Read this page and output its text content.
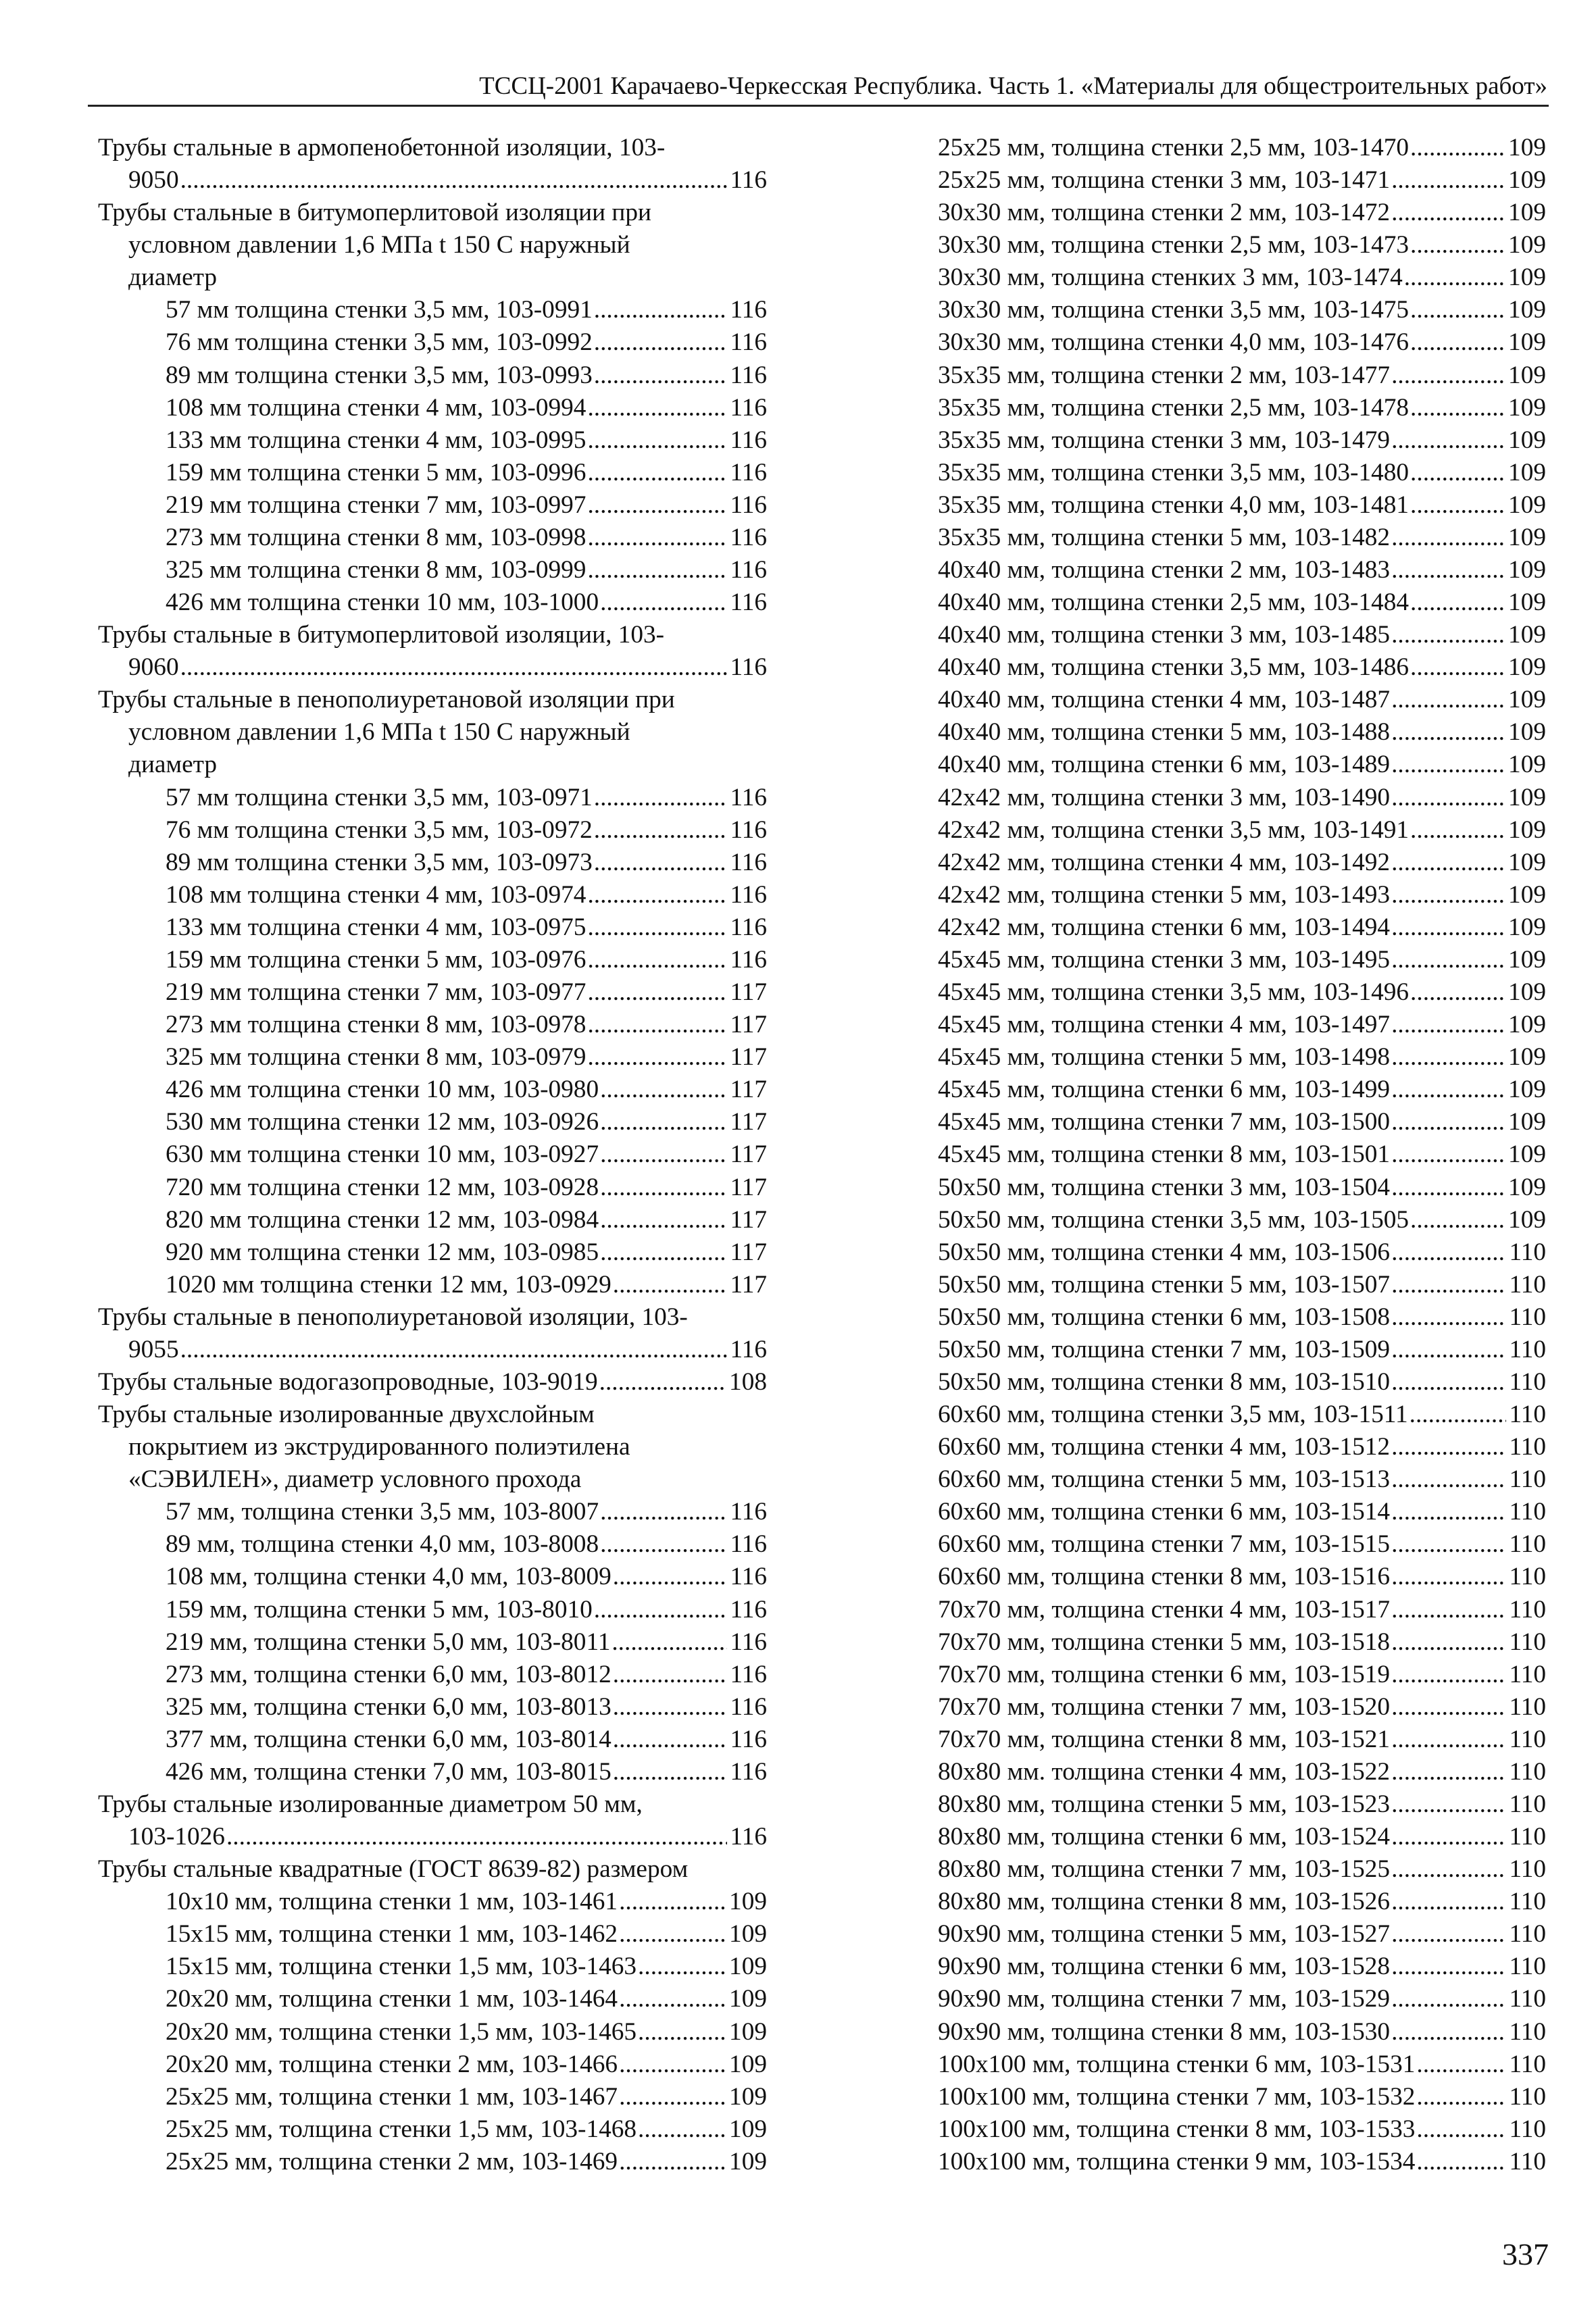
ТССЦ-2001 Карачаево-Черкесская Республика. Часть 1. «Материалы для общестроительных работ»
Трубы стальные в армопенобетонной изоляции, 103-
9050 .....	116
Трубы стальные в битумоперлитовой изоляции при
условном давлении 1,6 МПа t 150 С наружный
диаметр
57 мм толщина стенки 3,5 мм, 103-0991 .....	116
76 мм толщина стенки 3,5 мм, 103-0992 .....	116
89 мм толщина стенки 3,5 мм, 103-0993 .....	116
108 мм толщина стенки 4 мм, 103-0994 .....	116
133 мм толщина стенки 4 мм, 103-0995 .....	116
159 мм толщина стенки 5 мм, 103-0996 .....	116
219 мм толщина стенки 7 мм, 103-0997 .....	116
273 мм толщина стенки 8 мм, 103-0998 .....	116
325 мм толщина стенки 8 мм, 103-0999 .....	116
426 мм толщина стенки 10 мм, 103-1000 .....	116
Трубы стальные в битумоперлитовой изоляции, 103-
9060 .....	116
Трубы стальные в пенополиуретановой изоляции при
условном давлении 1,6 МПа t 150 С наружный
диаметр
57 мм толщина стенки 3,5 мм, 103-0971 .....	116
76 мм толщина стенки 3,5 мм, 103-0972 .....	116
89 мм толщина стенки 3,5 мм, 103-0973 .....	116
108 мм толщина стенки 4 мм, 103-0974 .....	116
133 мм толщина стенки 4 мм, 103-0975 .....	116
159 мм толщина стенки 5 мм, 103-0976 .....	116
219 мм толщина стенки 7 мм, 103-0977 .....	117
273 мм толщина стенки 8 мм, 103-0978 .....	117
325 мм толщина стенки 8 мм, 103-0979 .....	117
426 мм толщина стенки 10 мм, 103-0980 .....	117
530 мм толщина стенки 12 мм, 103-0926 .....	117
630 мм толщина стенки 10 мм, 103-0927 .....	117
720 мм толщина стенки 12 мм, 103-0928 .....	117
820 мм толщина стенки 12 мм, 103-0984 .....	117
920 мм толщина стенки 12 мм, 103-0985 .....	117
1020 мм толщина стенки 12 мм, 103-0929 .....	117
Трубы стальные в пенополиуретановой изоляции, 103-
9055 .....	116
Трубы стальные водогазопроводные, 103-9019 .....	108
Трубы стальные изолированные двухслойным
покрытием из экструдированного полиэтилена
«СЭВИЛЕН», диаметр условного прохода
57 мм, толщина стенки 3,5 мм, 103-8007 .....	116
89 мм, толщина стенки 4,0 мм, 103-8008 .....	116
108 мм, толщина стенки 4,0 мм, 103-8009 .....	116
159 мм, толщина стенки 5 мм, 103-8010 .....	116
219 мм, толщина стенки 5,0 мм, 103-8011 .....	116
273 мм, толщина стенки 6,0 мм, 103-8012 .....	116
325 мм, толщина стенки 6,0 мм, 103-8013 .....	116
377 мм, толщина стенки 6,0 мм, 103-8014 .....	116
426 мм, толщина стенки 7,0 мм, 103-8015 .....	116
Трубы стальные изолированные диаметром 50 мм,
103-1026 .....	116
Трубы стальные квадратные (ГОСТ 8639-82) размером
10х10 мм, толщина стенки 1 мм, 103-1461 .....	109
15х15 мм, толщина стенки 1 мм, 103-1462 .....	109
15х15 мм, толщина стенки 1,5 мм, 103-1463 .....	109
20х20 мм, толщина стенки 1 мм, 103-1464 .....	109
20х20 мм, толщина стенки 1,5 мм, 103-1465 .....	109
20х20 мм, толщина стенки 2 мм, 103-1466 .....	109
25х25 мм, толщина стенки 1 мм, 103-1467 .....	109
25х25 мм, толщина стенки 1,5 мм, 103-1468 .....	109
25х25 мм, толщина стенки 2 мм, 103-1469 .....	109
25х25 мм, толщина стенки 2,5 мм, 103-1470 .....	109
25х25 мм, толщина стенки 3 мм, 103-1471 .....	109
30х30 мм, толщина стенки 2 мм, 103-1472 .....	109
30х30 мм, толщина стенки 2,5 мм, 103-1473 .....	109
30х30 мм, толщина стенких 3 мм, 103-1474 .....	109
30х30 мм, толщина стенки 3,5 мм, 103-1475 .....	109
30х30 мм, толщина стенки 4,0 мм, 103-1476 .....	109
35х35 мм, толщина стенки 2 мм, 103-1477 .....	109
35х35 мм, толщина стенки 2,5 мм, 103-1478 .....	109
35х35 мм, толщина стенки 3 мм, 103-1479 .....	109
35х35 мм, толщина стенки 3,5 мм, 103-1480 .....	109
35х35 мм, толщина стенки 4,0 мм, 103-1481 .....	109
35х35 мм, толщина стенки 5 мм, 103-1482 .....	109
40х40 мм, толщина стенки 2 мм, 103-1483 .....	109
40х40 мм, толщина стенки 2,5 мм, 103-1484 .....	109
40х40 мм, толщина стенки 3 мм, 103-1485 .....	109
40х40 мм, толщина стенки 3,5 мм, 103-1486 .....	109
40х40 мм, толщина стенки 4 мм, 103-1487 .....	109
40х40 мм, толщина стенки 5 мм, 103-1488 .....	109
40х40 мм, толщина стенки 6 мм, 103-1489 .....	109
42х42 мм, толщина стенки 3 мм, 103-1490 .....	109
42х42 мм, толщина стенки 3,5 мм, 103-1491 .....	109
42х42 мм, толщина стенки 4 мм, 103-1492 .....	109
42х42 мм, толщина стенки 5 мм, 103-1493 .....	109
42х42 мм, толщина стенки 6 мм, 103-1494 .....	109
45х45 мм, толщина стенки 3 мм, 103-1495 .....	109
45х45 мм, толщина стенки 3,5 мм, 103-1496 .....	109
45х45 мм, толщина стенки 4 мм, 103-1497 .....	109
45х45 мм, толщина стенки 5 мм, 103-1498 .....	109
45х45 мм, толщина стенки 6 мм, 103-1499 .....	109
45х45 мм, толщина стенки 7 мм, 103-1500 .....	109
45х45 мм, толщина стенки 8 мм, 103-1501 .....	109
50х50 мм, толщина стенки 3 мм, 103-1504 .....	109
50х50 мм, толщина стенки 3,5 мм, 103-1505 .....	109
50х50 мм, толщина стенки 4 мм, 103-1506 .....	110
50х50 мм, толщина стенки 5 мм, 103-1507 .....	110
50х50 мм, толщина стенки 6 мм, 103-1508 .....	110
50х50 мм, толщина стенки 7 мм, 103-1509 .....	110
50х50 мм, толщина стенки 8 мм, 103-1510 .....	110
60х60 мм, толщина стенки 3,5 мм, 103-1511 .....	110
60х60 мм, толщина стенки 4 мм, 103-1512 .....	110
60х60 мм, толщина стенки 5 мм, 103-1513 .....	110
60х60 мм, толщина стенки 6 мм, 103-1514 .....	110
60х60 мм, толщина стенки 7 мм, 103-1515 .....	110
60х60 мм, толщина стенки 8 мм, 103-1516 .....	110
70х70 мм, толщина стенки 4 мм, 103-1517 .....	110
70х70 мм, толщина стенки 5 мм, 103-1518 .....	110
70х70 мм, толщина стенки 6 мм, 103-1519 .....	110
70х70 мм, толщина стенки 7 мм, 103-1520 .....	110
70х70 мм, толщина стенки 8 мм, 103-1521 .....	110
80х80 мм. толщина стенки 4 мм, 103-1522 .....	110
80х80 мм, толщина стенки 5 мм, 103-1523 .....	110
80х80 мм, толщина стенки 6 мм, 103-1524 .....	110
80х80 мм, толщина стенки 7 мм, 103-1525 .....	110
80х80 мм, толщина стенки 8 мм, 103-1526 .....	110
90х90 мм, толщина стенки 5 мм, 103-1527 .....	110
90х90 мм, толщина стенки 6 мм, 103-1528 .....	110
90х90 мм, толщина стенки 7 мм, 103-1529 .....	110
90х90 мм, толщина стенки 8 мм, 103-1530 .....	110
100х100 мм, толщина стенки 6 мм, 103-1531 .....	110
100х100 мм, толщина стенки 7 мм, 103-1532 .....	110
100х100 мм, толщина стенки 8 мм, 103-1533 .....	110
100х100 мм, толщина стенки 9 мм, 103-1534 .....	110
337
